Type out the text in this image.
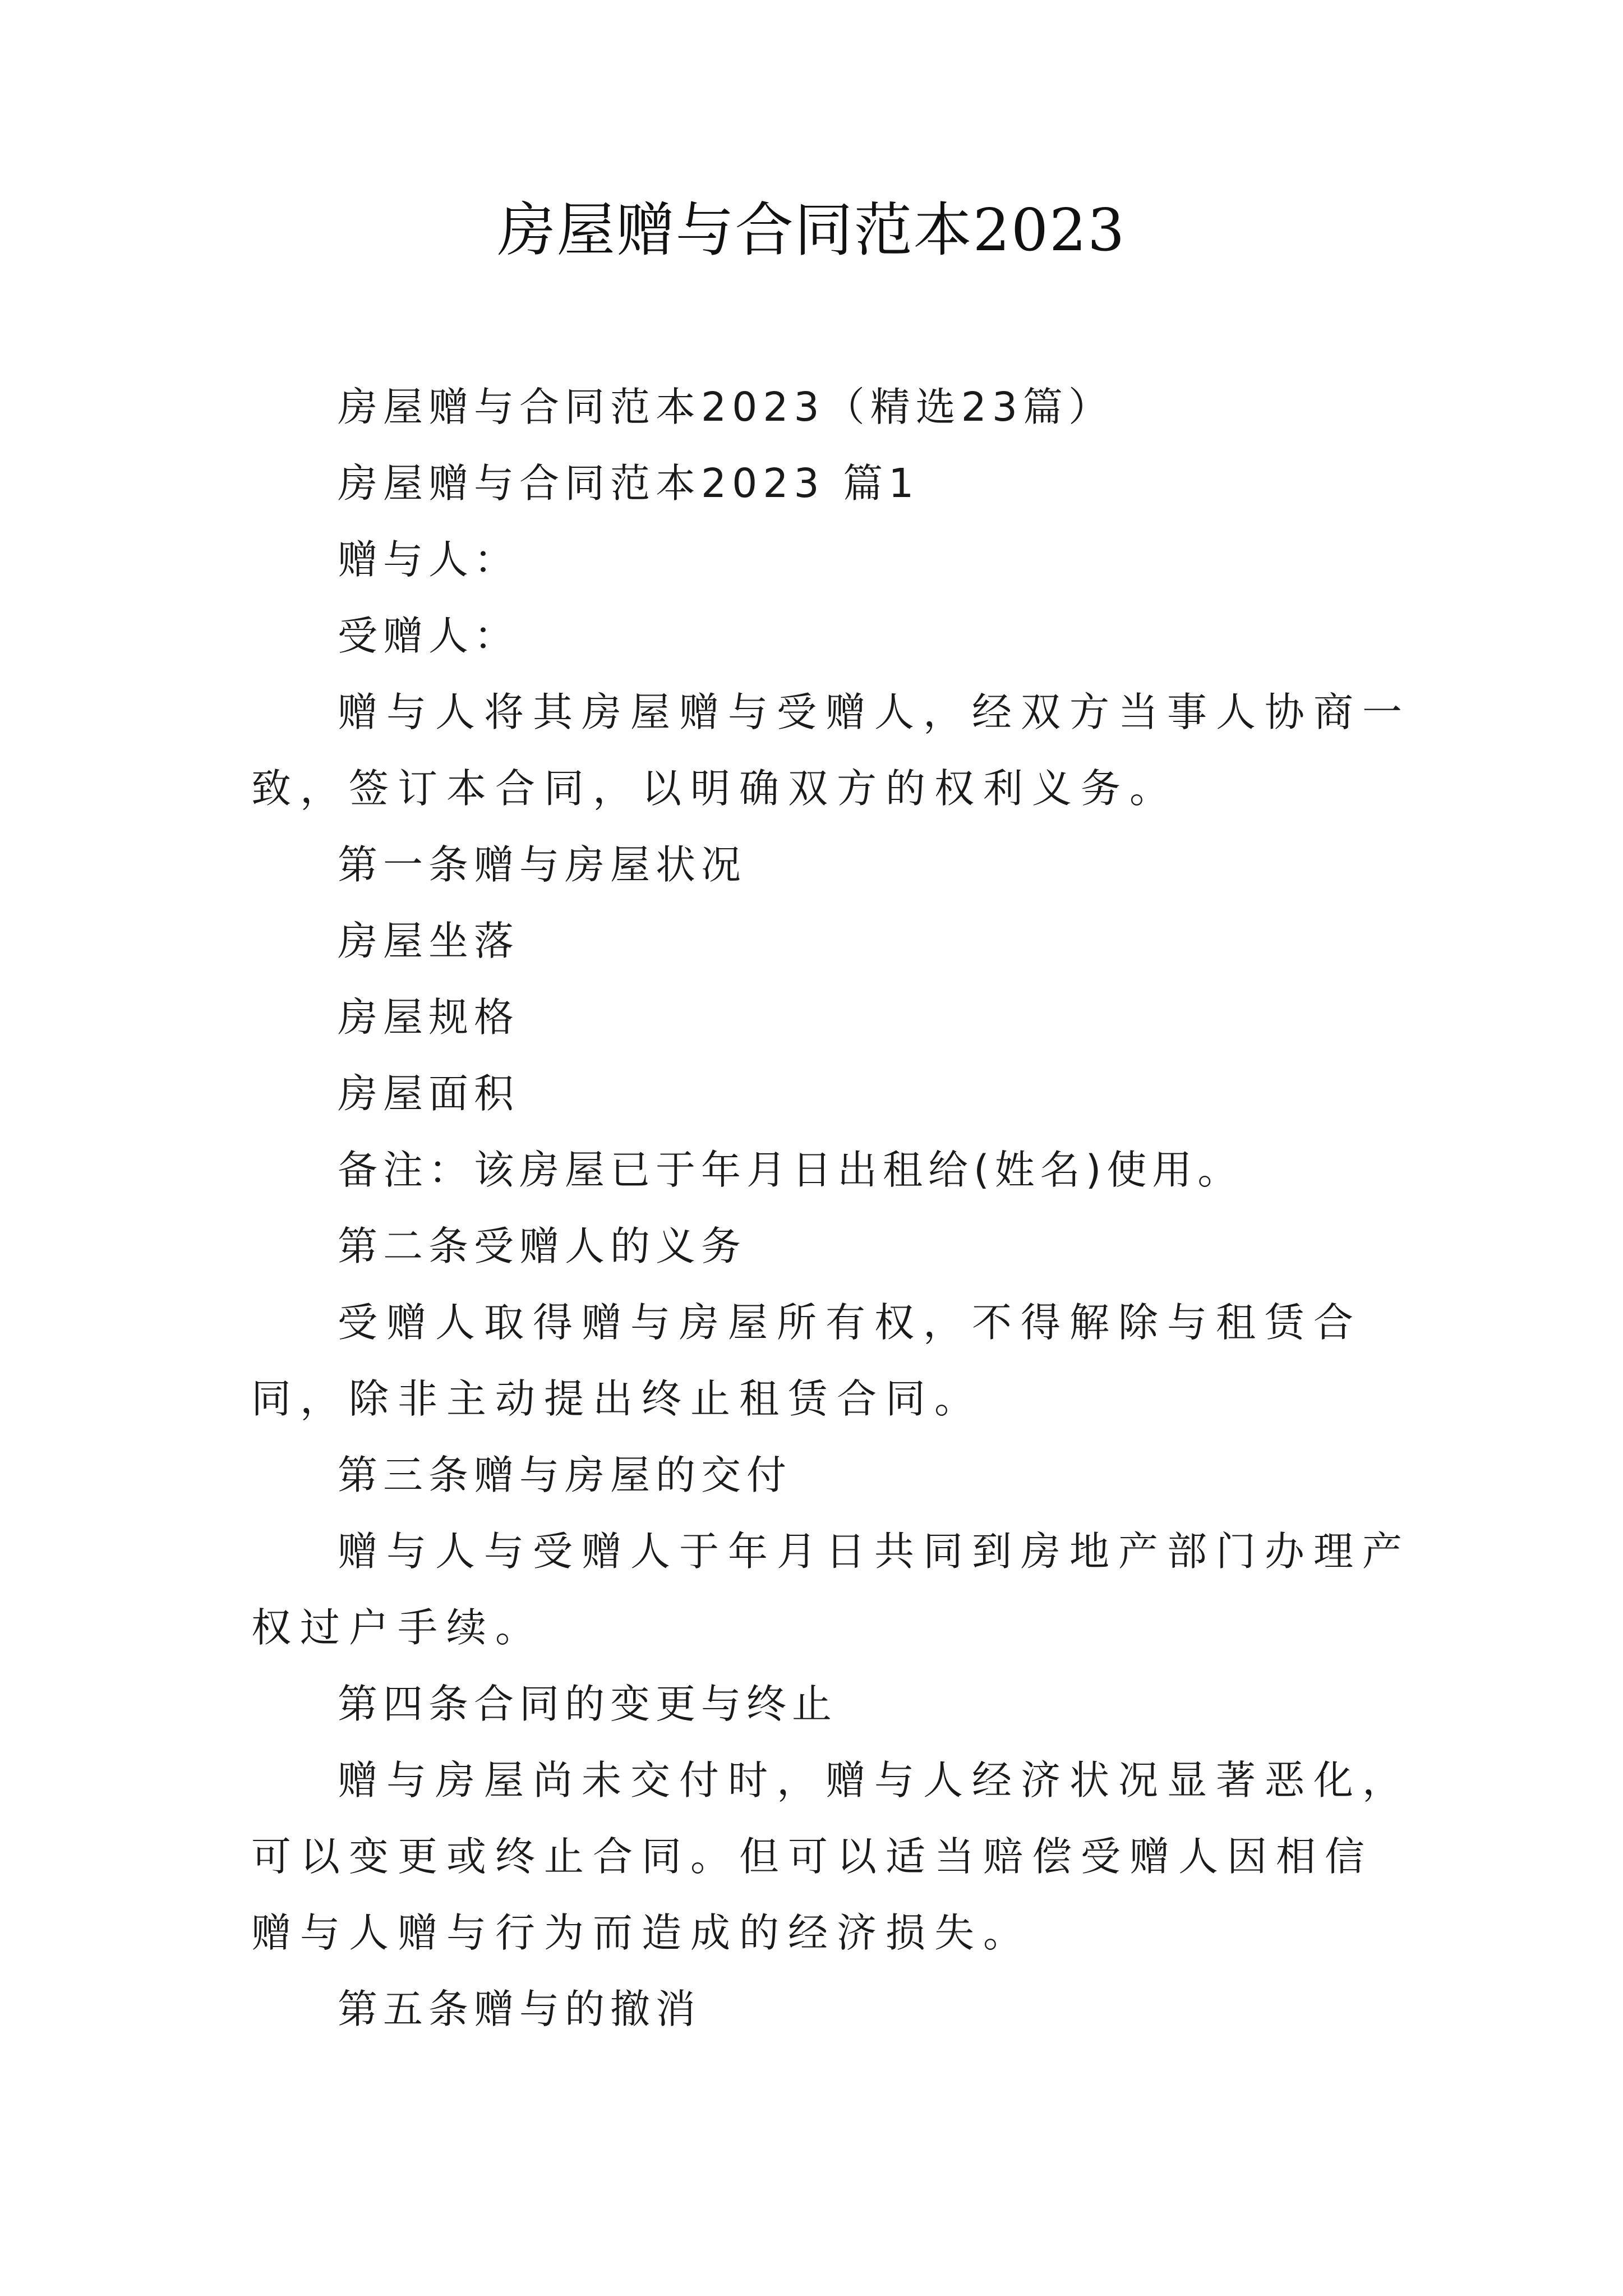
房屋赠与合同范本2023

房屋赠与合同范本2023（精选23篇）

房屋赠与合同范本2023 篇1

赠与人：

受赠人：

赠与人将其房屋赠与受赠人，经双方当事人协商一致，签订本合同，以明确双方的权利义务。

第一条赠与房屋状况

房屋坐落

房屋规格

房屋面积

备注：该房屋已于年月日出租给(姓名)使用。

第二条受赠人的义务

受赠人取得赠与房屋所有权，不得解除与租赁合同，除非主动提出终止租赁合同。

第三条赠与房屋的交付

赠与人与受赠人于年月日共同到房地产部门办理产权过户手续。

第四条合同的变更与终止

赠与房屋尚未交付时，赠与人经济状况显著恶化，可以变更或终止合同。但可以适当赔偿受赠人因相信赠与人赠与行为而造成的经济损失。

第五条赠与的撤消
